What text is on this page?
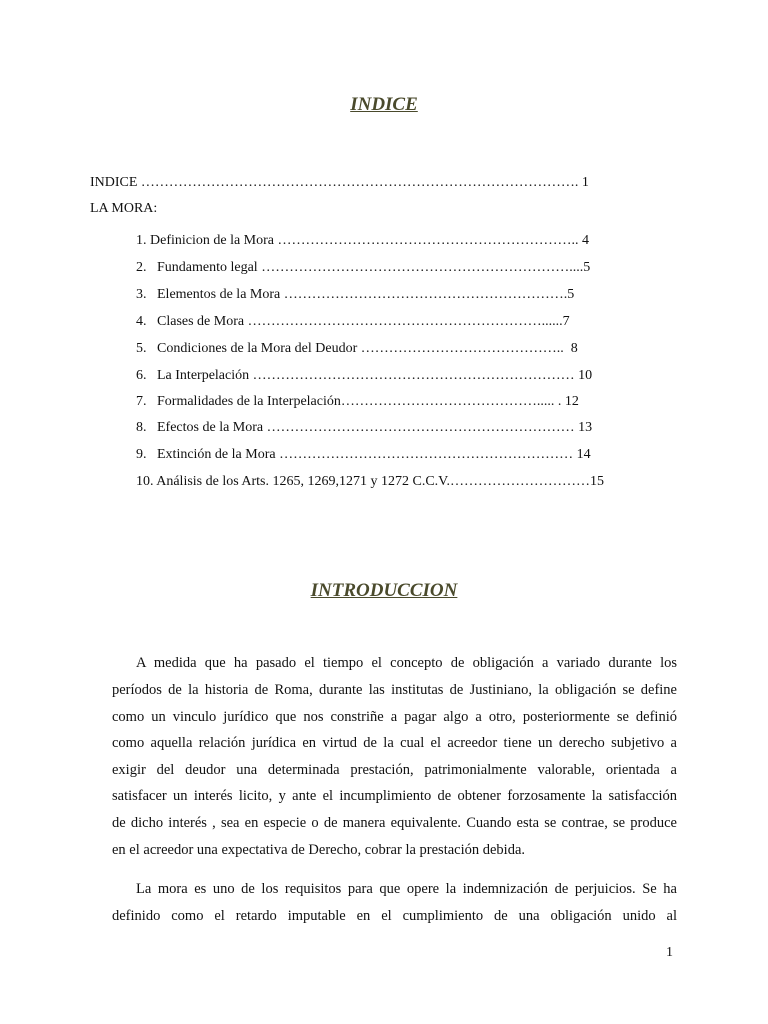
INDICE
INDICE …………………………………………………………………………………. 1
LA MORA:
1. Definicion de la Mora ……………………………………………………….. 4
2.   Fundamento legal …………………………………………………………....5
3.   Elementos de la Mora …………………………………………………….5
4.   Clases de Mora ………………………………………………………......7
5.   Condiciones de la Mora del Deudor ……………………………………..  8
6.   La Interpelación …………………………………………………………… 10
7.   Formalidades de la Interpelación……………………………………..... . 12
8.   Efectos de la Mora ………………………………………………………… 13
9.   Extinción de la Mora ……………………………………………………… 14
10. Análisis de los Arts. 1265, 1269,1271 y 1272 C.C.V.…………………………15
INTRODUCCION
A medida que ha pasado el tiempo el concepto de obligación a variado durante los
períodos de la historia de Roma, durante las institutas de Justiniano, la obligación se define
como un vinculo jurídico que nos constriñe a pagar algo a otro, posteriormente se definió
como aquella relación jurídica en virtud de la cual el acreedor tiene un derecho subjetivo a
exigir del deudor una determinada prestación, patrimonialmente valorable, orientada a
satisfacer un interés licito, y ante el incumplimiento de obtener forzosamente la satisfacción
de dicho interés , sea en especie o de manera equivalente. Cuando esta se contrae, se produce
en el acreedor una expectativa de Derecho, cobrar la prestación debida.
La mora es uno de los requisitos para que opere la indemnización de perjuicios. Se ha
definido como el retardo imputable en el cumplimiento de una obligación unido al
1
